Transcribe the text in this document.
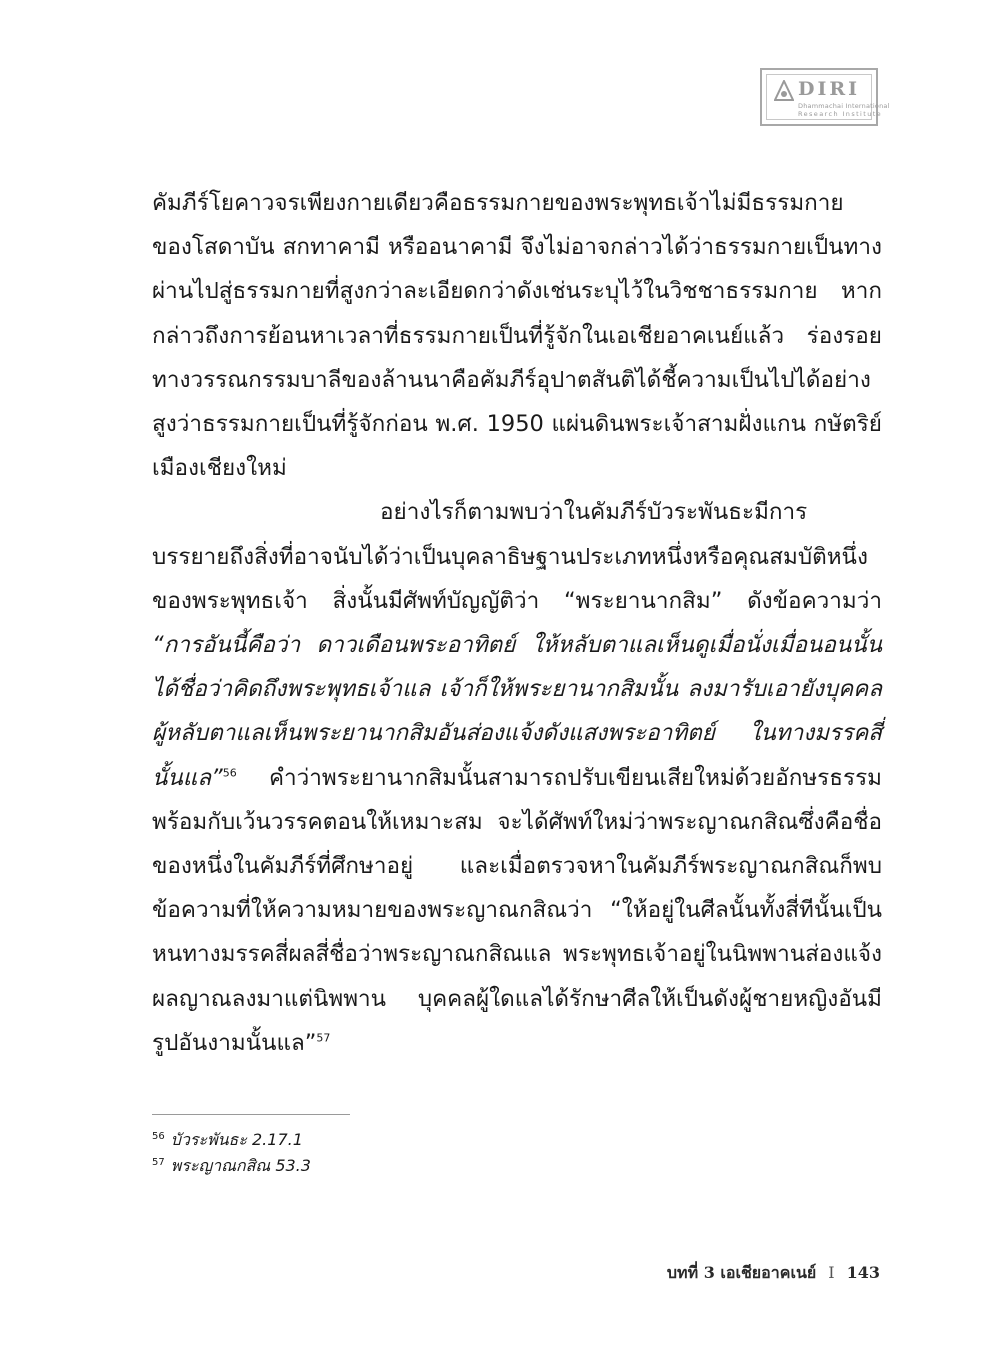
DIRI
Dhammachai International
Research Institute

คัมภีร์โยคาวจรเพียงกายเดียวคือธรรมกายของพระพุทธเจ้าไม่มีธรรมกายของโสดาบัน สกทาคามี หรืออนาคามี จึงไม่อาจกล่าวได้ว่าธรรมกายเป็นทางผ่านไปสู่ธรรมกายที่สูงกว่าละเอียดกว่าดังเช่นระบุไว้ในวิชชาธรรมกาย หากกล่าวถึงการย้อนหาเวลาที่ธรรมกายเป็นที่รู้จักในเอเชียอาคเนย์แล้ว ร่องรอยทางวรรณกรรมบาลีของล้านนาคือคัมภีร์อุปาตสันติได้ชี้ความเป็นไปได้อย่างสูงว่าธรรมกายเป็นที่รู้จักก่อน พ.ศ. 1950 แผ่นดินพระเจ้าสามฝั่งแกน กษัตริย์เมืองเชียงใหม่

อย่างไรก็ตามพบว่าในคัมภีร์บัวระพันธะมีการบรรยายถึงสิ่งที่อาจนับได้ว่าเป็นบุคลาธิษฐานประเภทหนึ่งหรือคุณสมบัติหนึ่งของพระพุทธเจ้า สิ่งนั้นมีศัพท์บัญญัติว่า “พระยานากสิม” ดังข้อความว่า “การอันนี้คือว่า ดาวเดือนพระอาทิตย์ ให้หลับตาแลเห็นดูเมื่อนั่งเมื่อนอนนั้น ได้ชื่อว่าคิดถึงพระพุทธเจ้าแล เจ้าก็ให้พระยานากสิมนั้น ลงมารับเอายังบุคคลผู้หลับตาแลเห็นพระยานากสิมอันส่องแจ้งดังแสงพระอาทิตย์ ในทางมรรคสี่นั้นแล”$^{56}$ คำว่าพระยานากสิมนั้นสามารถปรับเขียนเสียใหม่ด้วยอักษรธรรมพร้อมกับเว้นวรรคตอนให้เหมาะสม จะได้ศัพท์ใหม่ว่าพระญาณกสิณซึ่งคือชื่อของหนึ่งในคัมภีร์ที่ศึกษาอยู่ และเมื่อตรวจหาในคัมภีร์พระญาณกสิณก็พบข้อความที่ให้ความหมายของพระญาณกสิณว่า “ให้อยู่ในศีลนั้นทั้งสี่ทีนั้นเป็นหนทางมรรคสี่ผลสี่ชื่อว่าพระญาณกสิณแล พระพุทธเจ้าอยู่ในนิพพานส่องแจ้งผลญาณลงมาแต่นิพพาน บุคคลผู้ใดแลได้รักษาศีลให้เป็นดังผู้ชายหญิงอันมีรูปอันงามนั้นแล”$^{57}$

$^{56}$ บัวระพันธะ 2.17.1
$^{57}$ พระญาณกสิณ 53.3
บทที่ 3 เอเชียอาคเนย์ I 143
